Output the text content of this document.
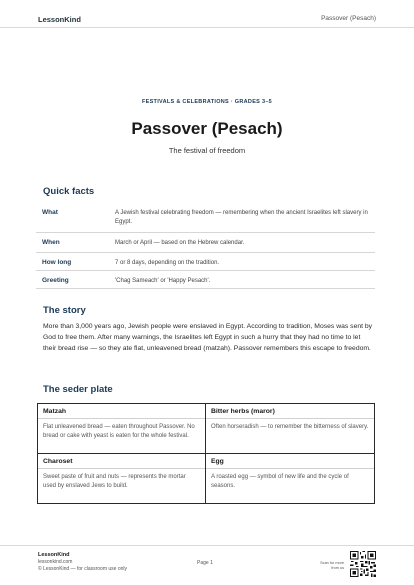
LessonKind	Passover (Pesach)
FESTIVALS & CELEBRATIONS · GRADES 3–5
Passover (Pesach)
The festival of freedom
Quick facts
What	A Jewish festival celebrating freedom — remembering when the ancient Israelites left slavery in Egypt.
When	March or April — based on the Hebrew calendar.
How long	7 or 8 days, depending on the tradition.
Greeting	'Chag Sameach' or 'Happy Pesach'.
The story

More than 3,000 years ago, Jewish people were enslaved in Egypt. According to tradition, Moses was sent by God to free them. After many warnings, the Israelites left Egypt in such a hurry that they had no time to let their bread rise — so they ate flat, unleavened bread (matzah). Passover remembers this escape to freedom.

The seder plate
Matzah
Flat unleavened bread — eaten throughout Passover. No bread or cake with yeast is eaten for the whole festival.
Bitter herbs (maror)
Often horseradish — to remember the bitterness of slavery.
Charoset
Sweet paste of fruit and nuts — represents the mortar used by enslaved Jews to build.
Egg
A roasted egg — symbol of new life and the cycle of seasons.
LessonKind
lessonkind.com
© LessonKind — for classroom use only
Page 1	Scan for more from us
